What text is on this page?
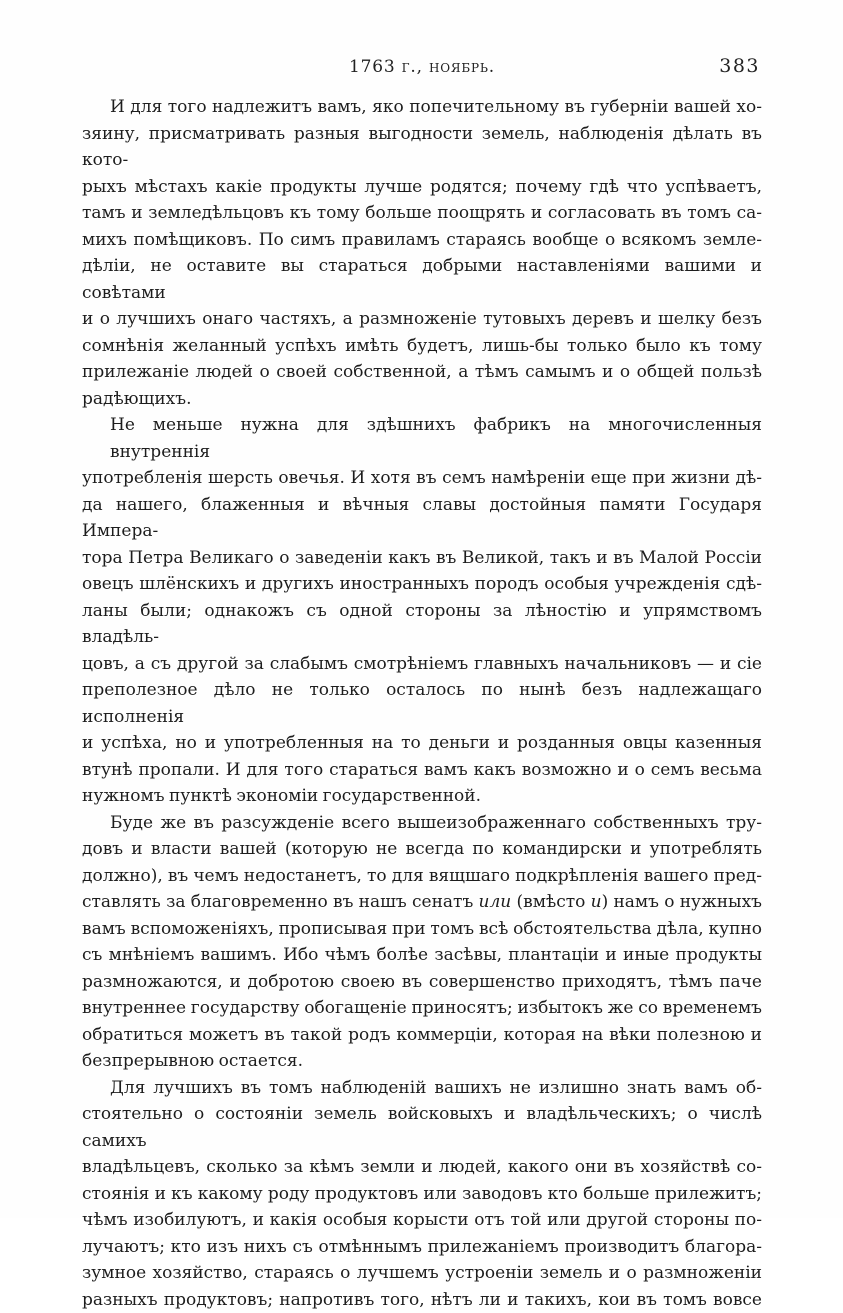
1763 г., ноябрь.	383

И для того надлежитъ вамъ, яко попечительному въ губерніи вашей хо-
зяину, присматривать разныя выгодности земель, наблюденія дѣлать въ кото-
рыхъ мѣстахъ какіе продукты лучше родятся; почему гдѣ что успѣваетъ,
тамъ и земледѣльцовъ къ тому больше поощрять и согласовать въ томъ са-
михъ помѣщиковъ. По симъ правиламъ стараясь вообще о всякомъ земле-
дѣліи, не оставите вы стараться добрыми наставленіями вашими и совѣтами
и о лучшихъ онаго частяхъ, а размноженіе тутовыхъ деревъ и шелку безъ
сомнѣнія желанный успѣхъ имѣть будетъ, лишь-бы только было къ тому
прилежаніе людей о своей собственной, а тѣмъ самымъ и о общей пользѣ
радѣющихъ.

Не меньше нужна для здѣшнихъ фабрикъ на многочисленныя внутреннія
употребленія шерсть овечья. И хотя въ семъ намѣреніи еще при жизни дѣ-
да нашего, блаженныя и вѣчныя славы достойныя памяти Государя Импера-
тора Петра Великаго о заведеніи какъ въ Великой, такъ и въ Малой Россіи
овецъ шлёнскихъ и другихъ иностранныхъ породъ особыя учрежденія сдѣ-
ланы были; однакожъ съ одной стороны за лѣностію и упрямствомъ владѣль-
цовъ, а съ другой за слабымъ смотрѣніемъ главныхъ начальниковъ — и сіе
преполезное дѣло не только осталось по нынѣ безъ надлежащаго исполненія
и успѣха, но и употребленныя на то деньги и розданныя овцы казенныя
втунѣ пропали. И для того стараться вамъ какъ возможно и о семъ весьма
нужномъ пунктѣ экономіи государственной.

Буде же въ разсужденіе всего вышеизображеннаго собственныхъ тру-
довъ и власти вашей (которую не всегда по командирски и употреблять
должно), въ чемъ недостанетъ, то для вящшаго подкрѣпленія вашего пред-
ставлять за благовременно въ нашъ сенатъ или (вмѣсто и) намъ о нужныхъ
вамъ вспоможеніяхъ, прописывая при томъ всѣ обстоятельства дѣла, купно
съ мнѣніемъ вашимъ. Ибо чѣмъ болѣе засѣвы, плантаціи и иные продукты
размножаются, и добротою своею въ совершенство приходятъ, тѣмъ паче
внутреннее государству обогащеніе приносятъ; избытокъ же со временемъ
обратиться можетъ въ такой родъ коммерціи, которая на вѣки полезною и
безпрерывною остается.

Для лучшихъ въ томъ наблюденій вашихъ не излишно знать вамъ об-
стоятельно о состояніи земель войсковыхъ и владѣльческихъ; о числѣ самихъ
владѣльцевъ, сколько за кѣмъ земли и людей, какого они въ хозяйствѣ со-
стоянія и къ какому роду продуктовъ или заводовъ кто больше прилежитъ;
чѣмъ изобилуютъ, и какія особыя корысти отъ той или другой стороны по-
лучаютъ; кто изъ нихъ съ отмѣннымъ прилежаніемъ производитъ благора-
зумное хозяйство, стараясь о лучшемъ устроеніи земель и о размноженіи
разныхъ продуктовъ; напротивъ того, нѣтъ ли и такихъ, кои въ томъ вовсе
